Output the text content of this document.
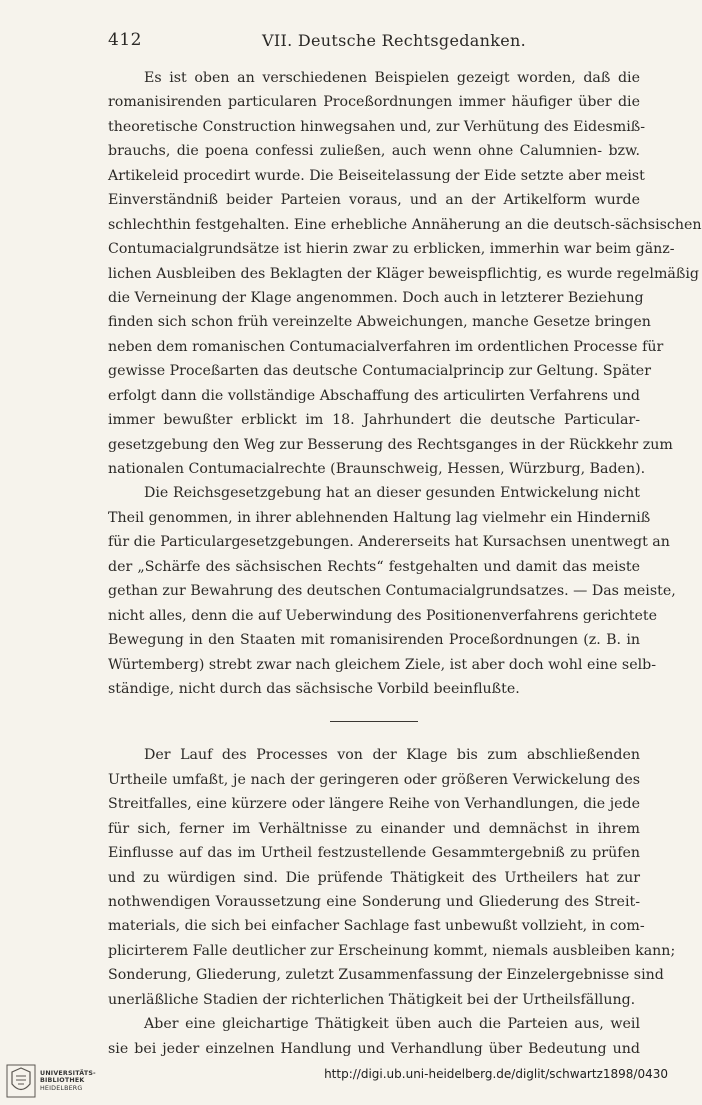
412	VII. Deutsche Rechtsgedanken.
Es ist oben an verschiedenen Beispielen gezeigt worden, daß die
romanisirenden particularen Proceßordnungen immer häufiger über die
theoretische Construction hinwegsahen und, zur Verhütung des Eidesmiß-
brauchs, die poena confessi zuließen, auch wenn ohne Calumnien- bzw.
Artikeleid procedirt wurde. Die Beiseitelassung der Eide setzte aber meist
Einverständniß beider Parteien voraus, und an der Artikelform wurde
schlechthin festgehalten. Eine erhebliche Annäherung an die deutsch-sächsischen
Contumacialgrundsätze ist hierin zwar zu erblicken, immerhin war beim gänz-
lichen Ausbleiben des Beklagten der Kläger beweispflichtig, es wurde regelmäßig
die Verneinung der Klage angenommen. Doch auch in letzterer Beziehung
finden sich schon früh vereinzelte Abweichungen, manche Gesetze bringen
neben dem romanischen Contumacialverfahren im ordentlichen Processe für
gewisse Proceßarten das deutsche Contumacialprincip zur Geltung. Später
erfolgt dann die vollständige Abschaffung des articulirten Verfahrens und
immer bewußter erblickt im 18. Jahrhundert die deutsche Particular-
gesetzgebung den Weg zur Besserung des Rechtsganges in der Rückkehr zum
nationalen Contumacialrechte (Braunschweig, Hessen, Würzburg, Baden).
Die Reichsgesetzgebung hat an dieser gesunden Entwickelung nicht
Theil genommen, in ihrer ablehnenden Haltung lag vielmehr ein Hinderniß
für die Particulargesetzgebungen. Andererseits hat Kursachsen unentwegt an
der „Schärfe des sächsischen Rechts“ festgehalten und damit das meiste
gethan zur Bewahrung des deutschen Contumacialgrundsatzes. — Das meiste,
nicht alles, denn die auf Ueberwindung des Positionenverfahrens gerichtete
Bewegung in den Staaten mit romanisirenden Proceßordnungen (z. B. in
Würtemberg) strebt zwar nach gleichem Ziele, ist aber doch wohl eine selb-
ständige, nicht durch das sächsische Vorbild beeinflußte.
Der Lauf des Processes von der Klage bis zum abschließenden
Urtheile umfaßt, je nach der geringeren oder größeren Verwickelung des
Streitfalles, eine kürzere oder längere Reihe von Verhandlungen, die jede
für sich, ferner im Verhältnisse zu einander und demnächst in ihrem
Einflusse auf das im Urtheil festzustellende Gesammtergebniß zu prüfen
und zu würdigen sind. Die prüfende Thätigkeit des Urtheilers hat zur
nothwendigen Voraussetzung eine Sonderung und Gliederung des Streit-
materials, die sich bei einfacher Sachlage fast unbewußt vollzieht, in com-
plicirterem Falle deutlicher zur Erscheinung kommt, niemals ausbleiben kann;
Sonderung, Gliederung, zuletzt Zusammenfassung der Einzelergebnisse sind
unerläßliche Stadien der richterlichen Thätigkeit bei der Urtheilsfällung.
Aber eine gleichartige Thätigkeit üben auch die Parteien aus, weil
sie bei jeder einzelnen Handlung und Verhandlung über Bedeutung und
UNIVERSITÄTS-
BIBLIOTHEK
HEIDELBERG
http://digi.ub.uni-heidelberg.de/diglit/schwartz1898/0430
